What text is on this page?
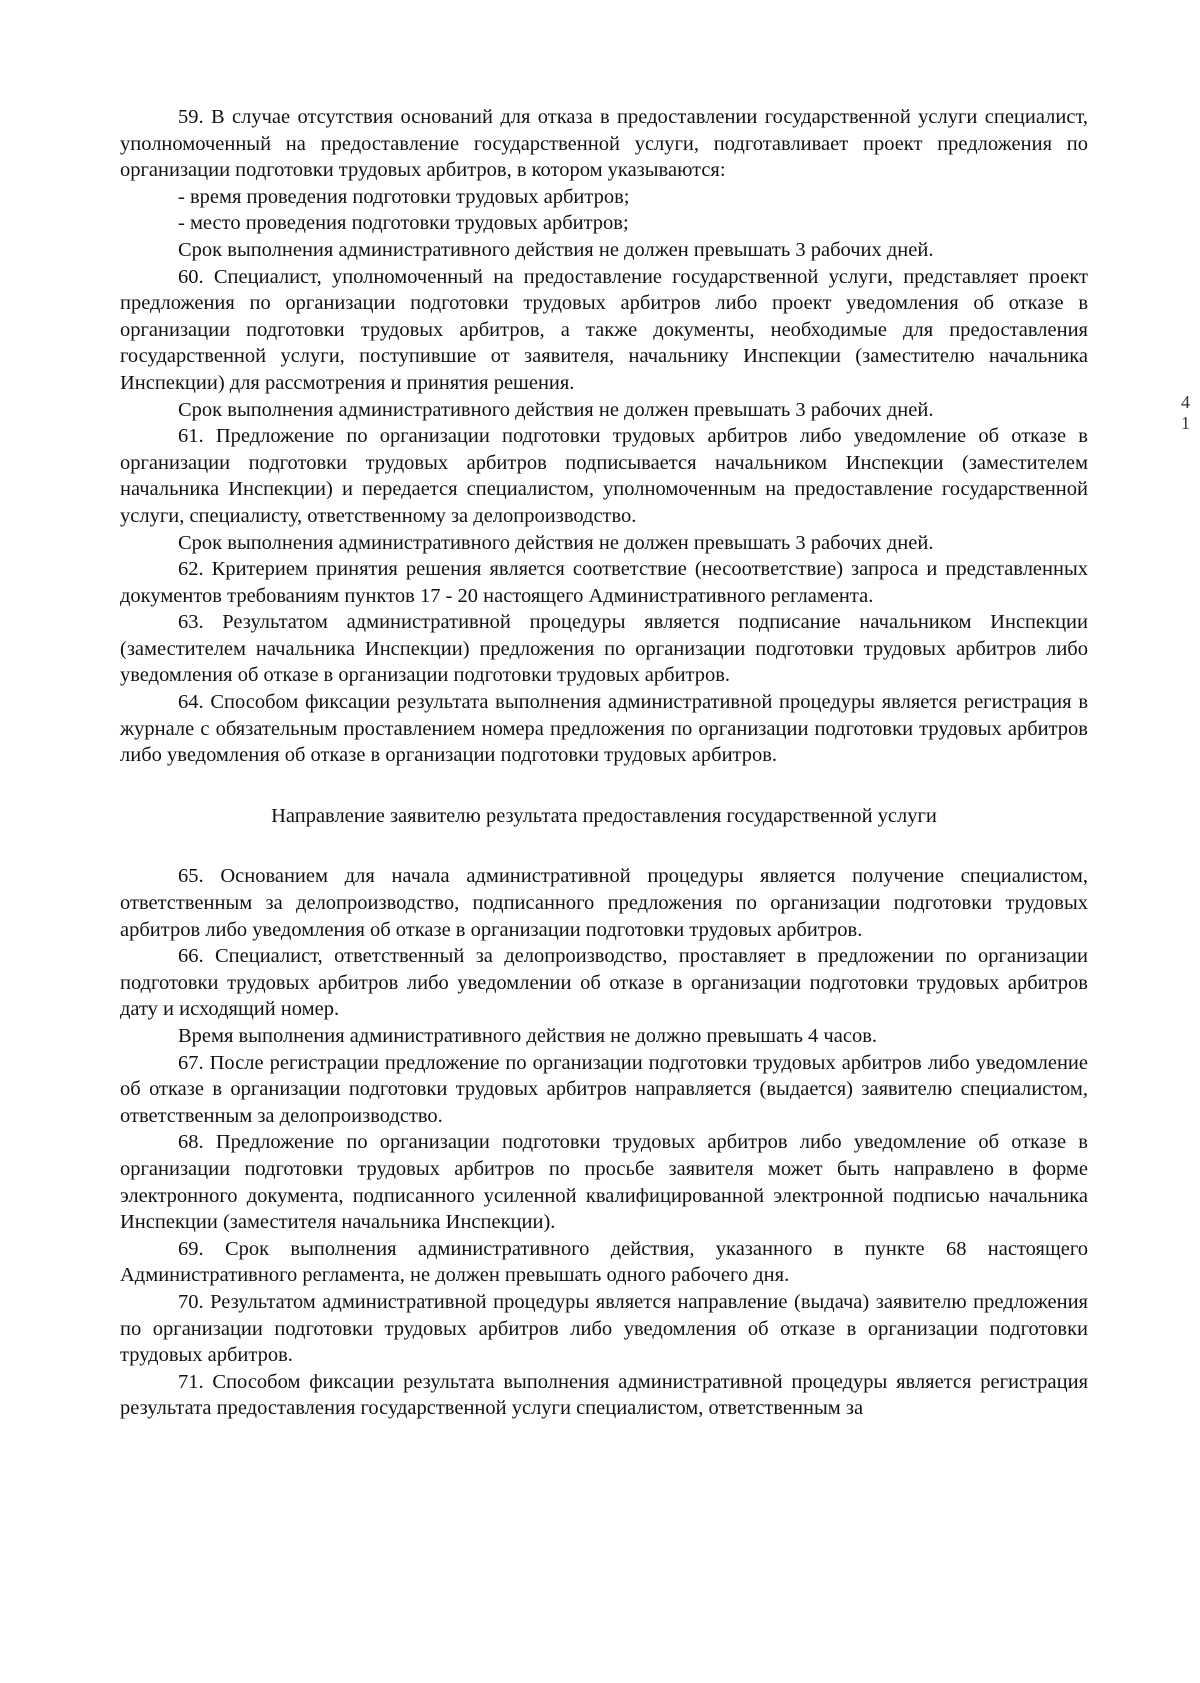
59. В случае отсутствия оснований для отказа в предоставлении государственной услуги специалист, уполномоченный на предоставление государственной услуги, подготавливает проект предложения по организации подготовки трудовых арбитров, в котором указываются:

- время проведения подготовки трудовых арбитров;

- место проведения подготовки трудовых арбитров;

Срок выполнения административного действия не должен превышать 3 рабочих дней.

60. Специалист, уполномоченный на предоставление государственной услуги, представляет проект предложения по организации подготовки трудовых арбитров либо проект уведомления об отказе в организации подготовки трудовых арбитров, а также документы, необходимые для предоставления государственной услуги, поступившие от заявителя, начальнику Инспекции (заместителю начальника Инспекции) для рассмотрения и принятия решения.

Срок выполнения административного действия не должен превышать 3 рабочих дней.

61. Предложение по организации подготовки трудовых арбитров либо уведомление об отказе в организации подготовки трудовых арбитров подписывается начальником Инспекции (заместителем начальника Инспекции) и передается специалистом, уполномоченным на предоставление государственной услуги, специалисту, ответственному за делопроизводство.

Срок выполнения административного действия не должен превышать 3 рабочих дней.

62. Критерием принятия решения является соответствие (несоответствие) запроса и представленных документов требованиям пунктов 17 - 20 настоящего Административного регламента.

63. Результатом административной процедуры является подписание начальником Инспекции (заместителем начальника Инспекции) предложения по организации подготовки трудовых арбитров либо уведомления об отказе в организации подготовки трудовых арбитров.

64. Способом фиксации результата выполнения административной процедуры является регистрация в журнале с обязательным проставлением номера предложения по организации подготовки трудовых арбитров либо уведомления об отказе в организации подготовки трудовых арбитров.

Направление заявителю результата предоставления государственной услуги

65. Основанием для начала административной процедуры является получение специалистом, ответственным за делопроизводство, подписанного предложения по организации подготовки трудовых арбитров либо уведомления об отказе в организации подготовки трудовых арбитров.

66. Специалист, ответственный за делопроизводство, проставляет в предложении по организации подготовки трудовых арбитров либо уведомлении об отказе в организации подготовки трудовых арбитров дату и исходящий номер.

Время выполнения административного действия не должно превышать 4 часов.

67. После регистрации предложение по организации подготовки трудовых арбитров либо уведомление об отказе в организации подготовки трудовых арбитров направляется (выдается) заявителю специалистом, ответственным за делопроизводство.

68. Предложение по организации подготовки трудовых арбитров либо уведомление об отказе в организации подготовки трудовых арбитров по просьбе заявителя может быть направлено в форме электронного документа, подписанного усиленной квалифицированной электронной подписью начальника Инспекции (заместителя начальника Инспекции).

69. Срок выполнения административного действия, указанного в пункте 68 настоящего Административного регламента, не должен превышать одного рабочего дня.

70. Результатом административной процедуры является направление (выдача) заявителю предложения по организации подготовки трудовых арбитров либо уведомления об отказе в организации подготовки трудовых арбитров.

71. Способом фиксации результата выполнения административной процедуры является регистрация результата предоставления государственной услуги специалистом, ответственным за

4 1
